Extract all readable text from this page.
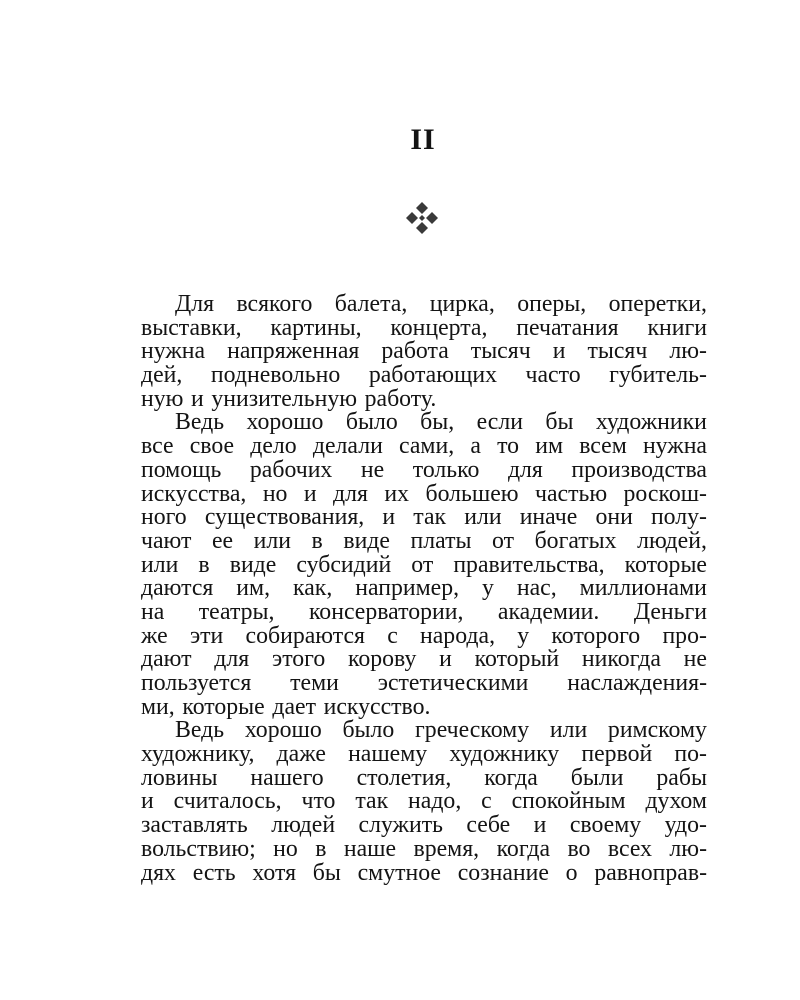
II
Для всякого балета, цирка, оперы, оперетки,
выставки, картины, концерта, печатания книги
нужна напряженная работа тысяч и тысяч лю-
дей, подневольно работающих часто губитель-
ную и унизительную работу.
Ведь хорошо было бы, если бы художники
все свое дело делали сами, а то им всем нужна
помощь рабочих не только для производства
искусства, но и для их большею частью роскош-
ного существования, и так или иначе они полу-
чают ее или в виде платы от богатых людей,
или в виде субсидий от правительства, которые
даются им, как, например, у нас, миллионами
на театры, консерватории, академии. Деньги
же эти собираются с народа, у которого про-
дают для этого корову и который никогда не
пользуется теми эстетическими наслаждения-
ми, которые дает искусство.
Ведь хорошо было греческому или римскому
художнику, даже нашему художнику первой по-
ловины нашего столетия, когда были рабы
и считалось, что так надо, с спокойным духом
заставлять людей служить себе и своему удо-
вольствию; но в наше время, когда во всех лю-
дях есть хотя бы смутное сознание о равноправ-
